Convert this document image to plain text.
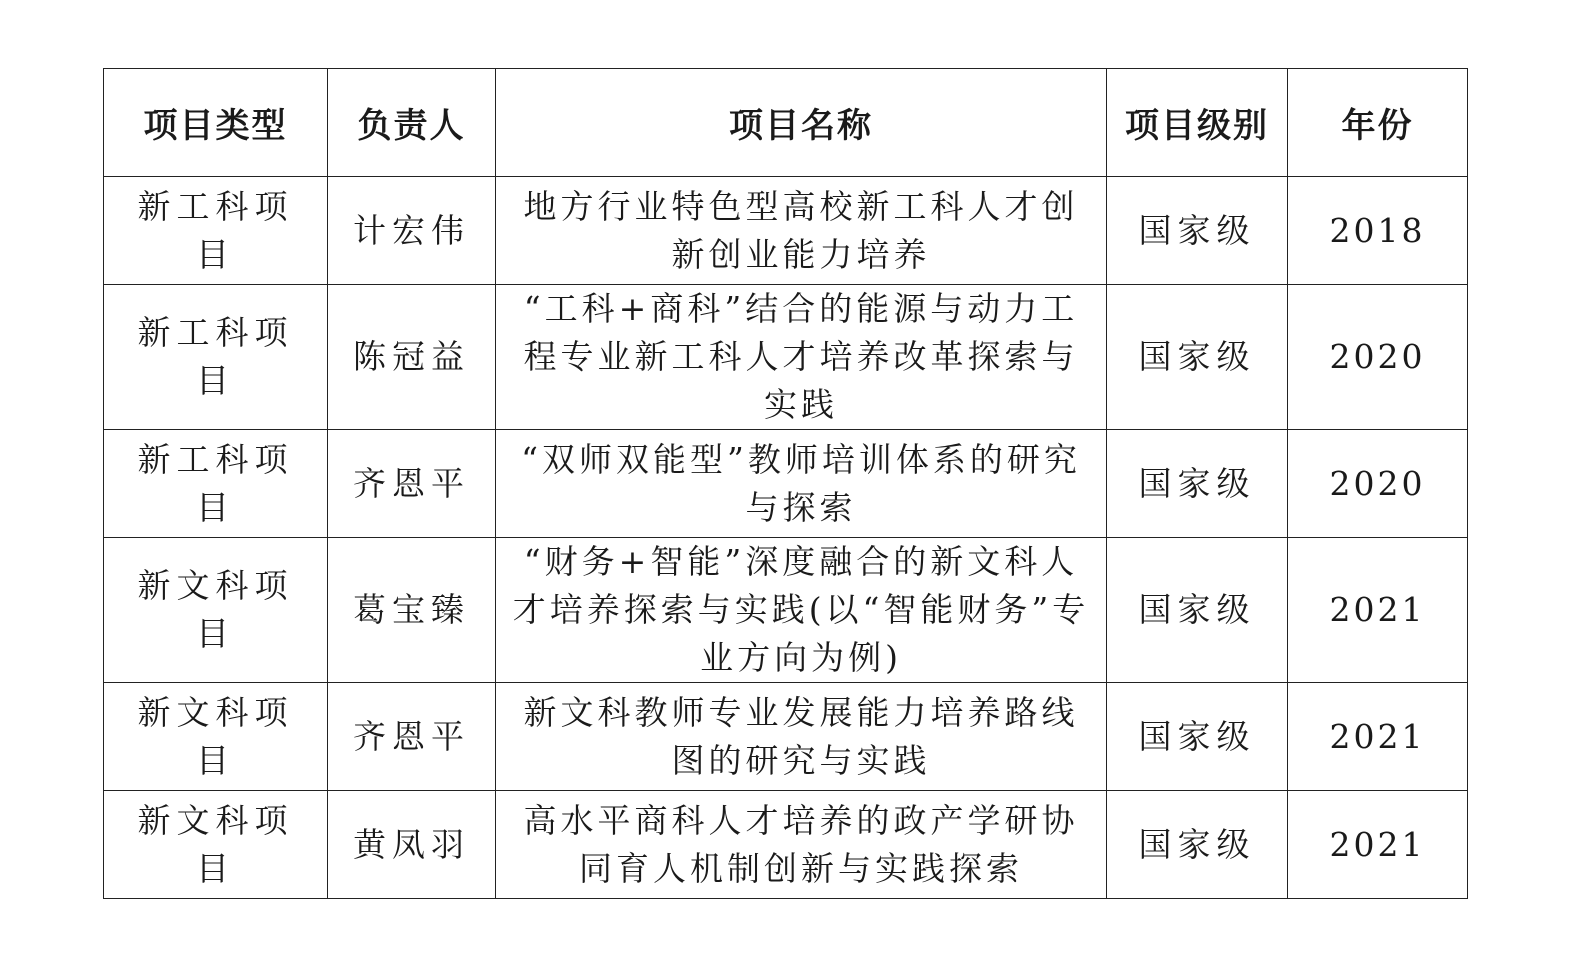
项目类型	负责人	项目名称	项目级别	年份
新工科项目	计宏伟	地方行业特色型高校新工科人才创新创业能力培养	国家级	2018
新工科项目	陈冠益	“工科+商科”结合的能源与动力工程专业新工科人才培养改革探索与实践	国家级	2020
新工科项目	齐恩平	“双师双能型”教师培训体系的研究与探索	国家级	2020
新文科项目	葛宝臻	“财务+智能”深度融合的新文科人才培养探索与实践(以“智能财务”专业方向为例)	国家级	2021
新文科项目	齐恩平	新文科教师专业发展能力培养路线图的研究与实践	国家级	2021
新文科项目	黄凤羽	高水平商科人才培养的政产学研协同育人机制创新与实践探索	国家级	2021
